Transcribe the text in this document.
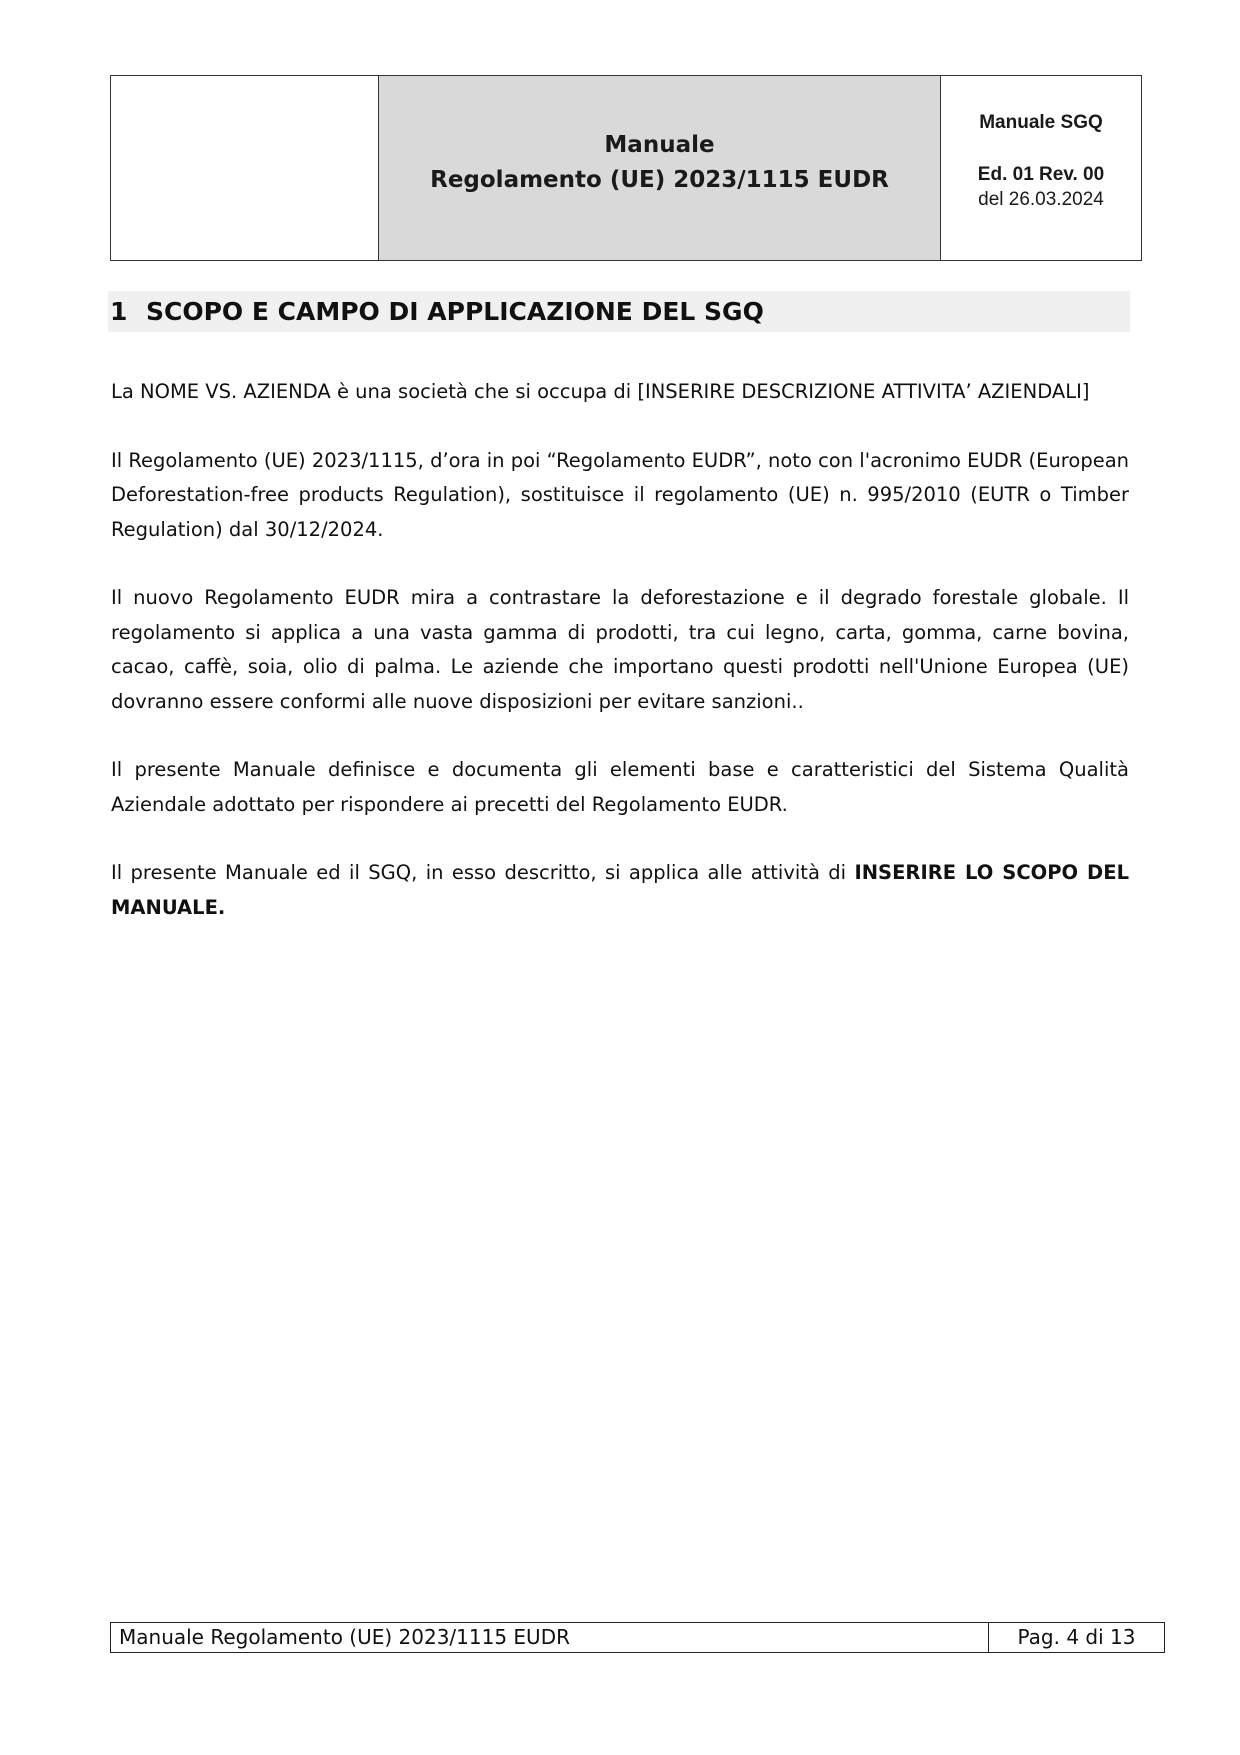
Manuale
Regolamento (UE) 2023/1115 EUDR
Manuale SGQ
Ed. 01 Rev. 00
del 26.03.2024
1 SCOPO E CAMPO DI APPLICAZIONE DEL SGQ

La NOME VS. AZIENDA è una società che si occupa di [INSERIRE DESCRIZIONE ATTIVITA’ AZIENDALI]

Il Regolamento (UE) 2023/1115, d’ora in poi “Regolamento EUDR”, noto con l'acronimo EUDR (European Deforestation-free products Regulation), sostituisce il regolamento (UE) n. 995/2010 (EUTR o Timber Regulation) dal 30/12/2024.

Il nuovo Regolamento EUDR mira a contrastare la deforestazione e il degrado forestale globale. Il regolamento si applica a una vasta gamma di prodotti, tra cui legno, carta, gomma, carne bovina, cacao, caffè, soia, olio di palma. Le aziende che importano questi prodotti nell'Unione Europea (UE) dovranno essere conformi alle nuove disposizioni per evitare sanzioni..

Il presente Manuale definisce e documenta gli elementi base e caratteristici del Sistema Qualità Aziendale adottato per rispondere ai precetti del Regolamento EUDR.

Il presente Manuale ed il SGQ, in esso descritto, si applica alle attività di INSERIRE LO SCOPO DEL MANUALE.

Manuale Regolamento (UE) 2023/1115 EUDR	Pag. 4 di 13
